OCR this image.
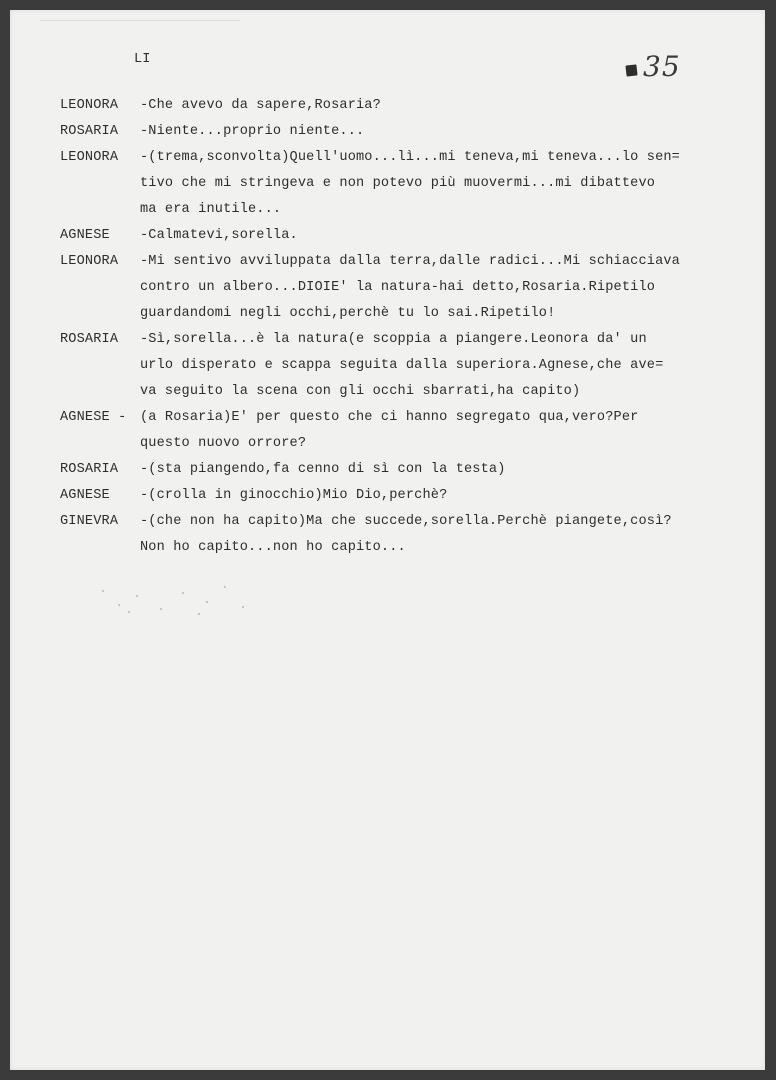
LI	35
LEONORA	-Che avevo da sapere,Rosaria?
ROSARIA	-Niente...proprio niente...
LEONORA	-(trema,sconvolta)Quell'uomo...lì...mi teneva,mi teneva...lo sen=
tivo che mi stringeva e non potevo più muovermi...mi dibattevo
ma era inutile...
AGNESE	-Calmatevi,sorella.
LEONORA	-Mi sentivo avviluppata dalla terra,dalle radici...Mi schiacciava
contro un albero...DIOIE' la natura-hai detto,Rosaria.Ripetilo
guardandomi negli occhi,perchè tu lo sai.Ripetilo!
ROSARIA	-Sì,sorella...è la natura(e scoppia a piangere.Leonora da' un
urlo disperato e scappa seguita dalla superiora.Agnese,che ave=
va seguito la scena con gli occhi sbarrati,ha capito)
AGNESE - (a Rosaria)E' per questo che ci hanno segregato qua,vero?Per
questo nuovo orrore?
ROSARIA	-(sta piangendo,fa cenno di sì con la testa)
AGNESE	-(crolla in ginocchio)Mio Dio,perchè?
GINEVRA	-(che non ha capito)Ma che succede,sorella.Perchè piangete,così?
Non ho capito...non ho capito...
